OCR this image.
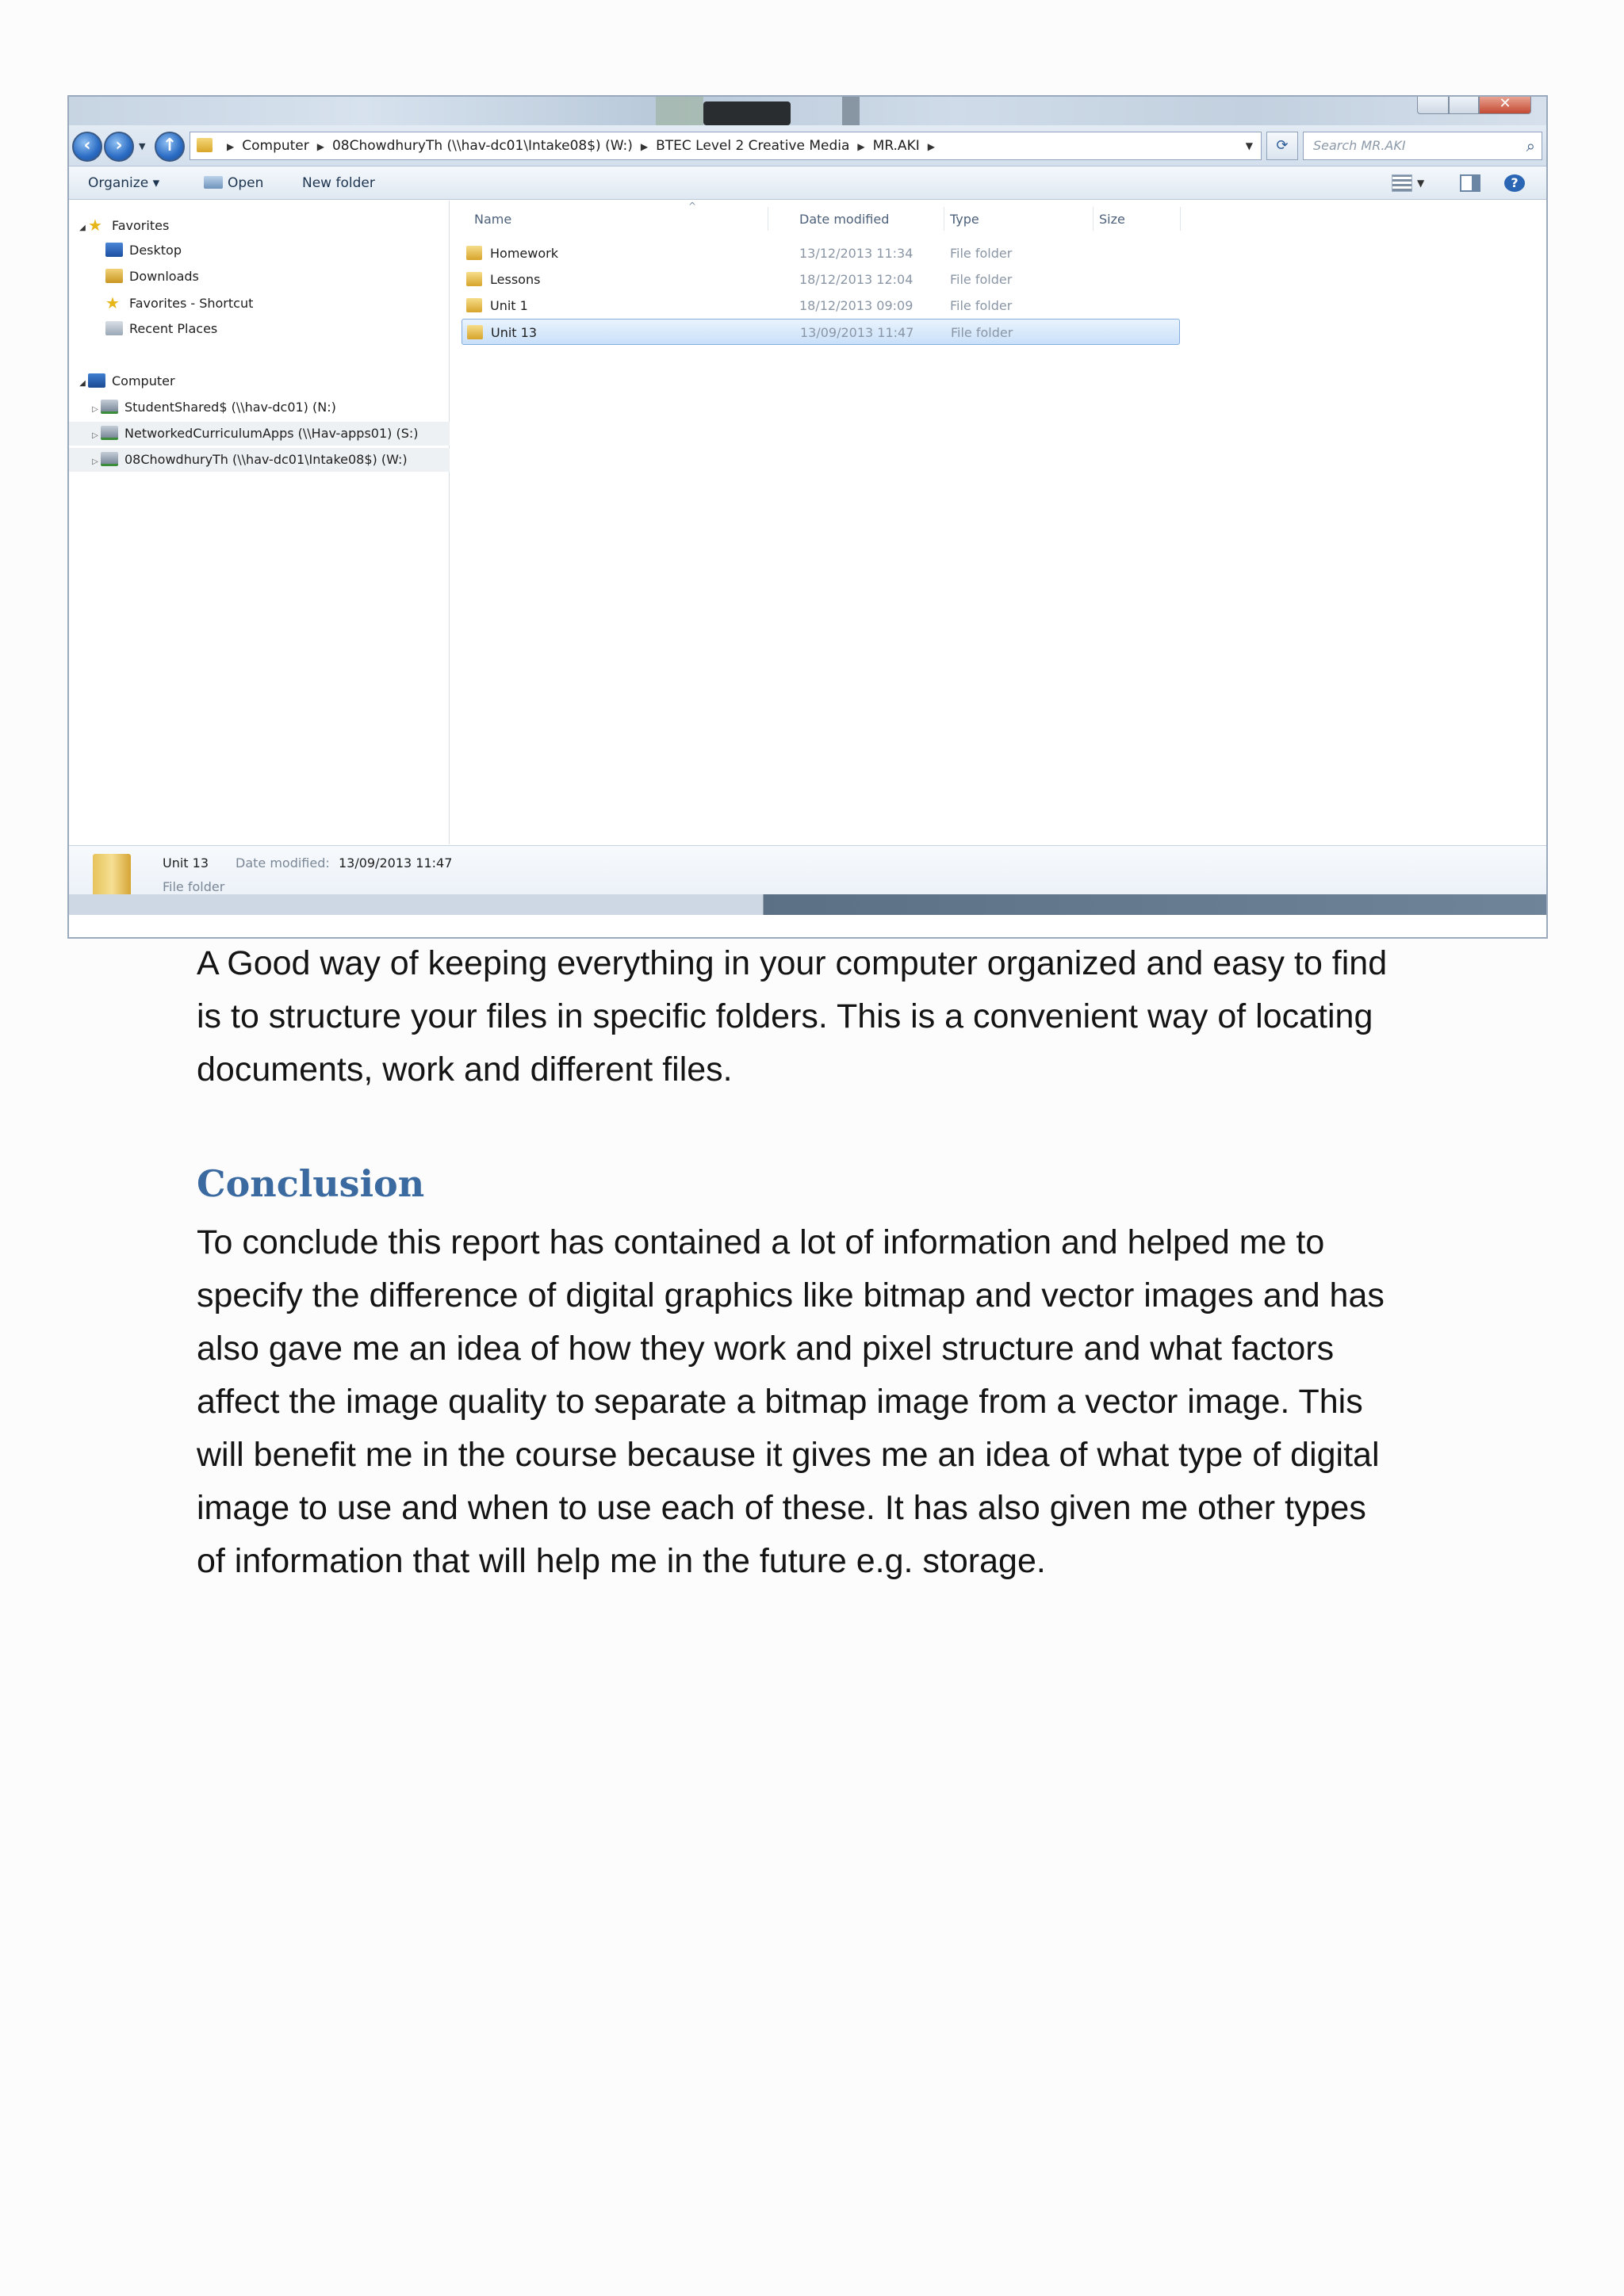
✕
‹	›	▼ ↑	▶ Computer ▶ 08ChowdhuryTh (\\hav-dc01\Intake08$) (W:) ▶ BTEC Level 2 Creative Media ▶ MR.AKI ▶	▼	⟳	Search MR.AKI	⌕
Organize ▾	Open	New folder	▼	?
◢ ★ Favorites
Desktop
Downloads
★ Favorites - Shortcut
Recent Places
◢ Computer
▷ StudentShared$ (\\hav-dc01) (N:)
▷ NetworkedCurriculumApps (\\Hav-apps01) (S:)
▷ 08ChowdhuryTh (\\hav-dc01\Intake08$) (W:)
^
Name	Date modified	Type	Size
Homework	13/12/2013 11:34	File folder
Lessons	18/12/2013 12:04	File folder
Unit 1	18/12/2013 09:09	File folder
Unit 13	13/09/2013 11:47	File folder
Unit 13 Date modified: 13/09/2013 11:47
File folder
A Good way of keeping everything in your computer organized and easy to find
is to structure your files in specific folders. This is a convenient way of locating
documents, work and different files.
Conclusion
To conclude this report has contained a lot of information and helped me to
specify the difference of digital graphics like bitmap and vector images and has
also gave me an idea of how they work and pixel structure and what factors
affect the image quality to separate a bitmap image from a vector image. This
will benefit me in the course because it gives me an idea of what type of digital
image to use and when to use each of these. It has also given me other types
of information that will help me in the future e.g. storage.
